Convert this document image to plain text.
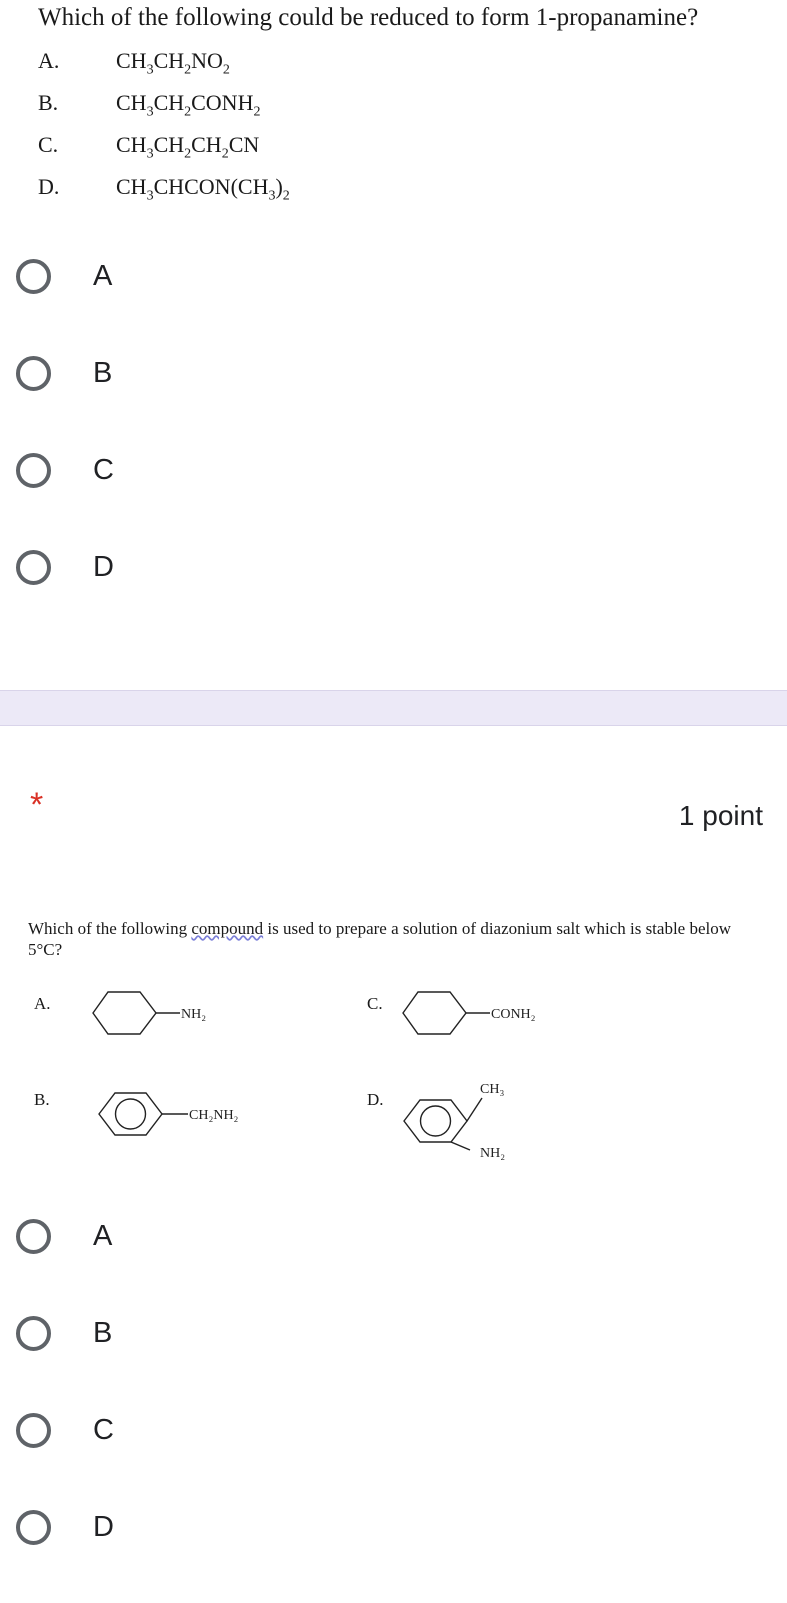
Which of the following could be reduced to form 1-propanamine?
A.	$CH_3CH_2NO_2$
B.	$CH_3CH_2CONH_2$
C.	$CH_3CH_2CH_2CN$
D.	$CH_3CHCON(CH_3)_2$
A
B
C
D
*	1 point
Which of the following compound is used to prepare a solution of diazonium salt which is stable below 5°C?
A.
B.
C.
D.
NH₂	CONH₂
CH₂NH₂
CH₃
NH₂
A
B
C
D
